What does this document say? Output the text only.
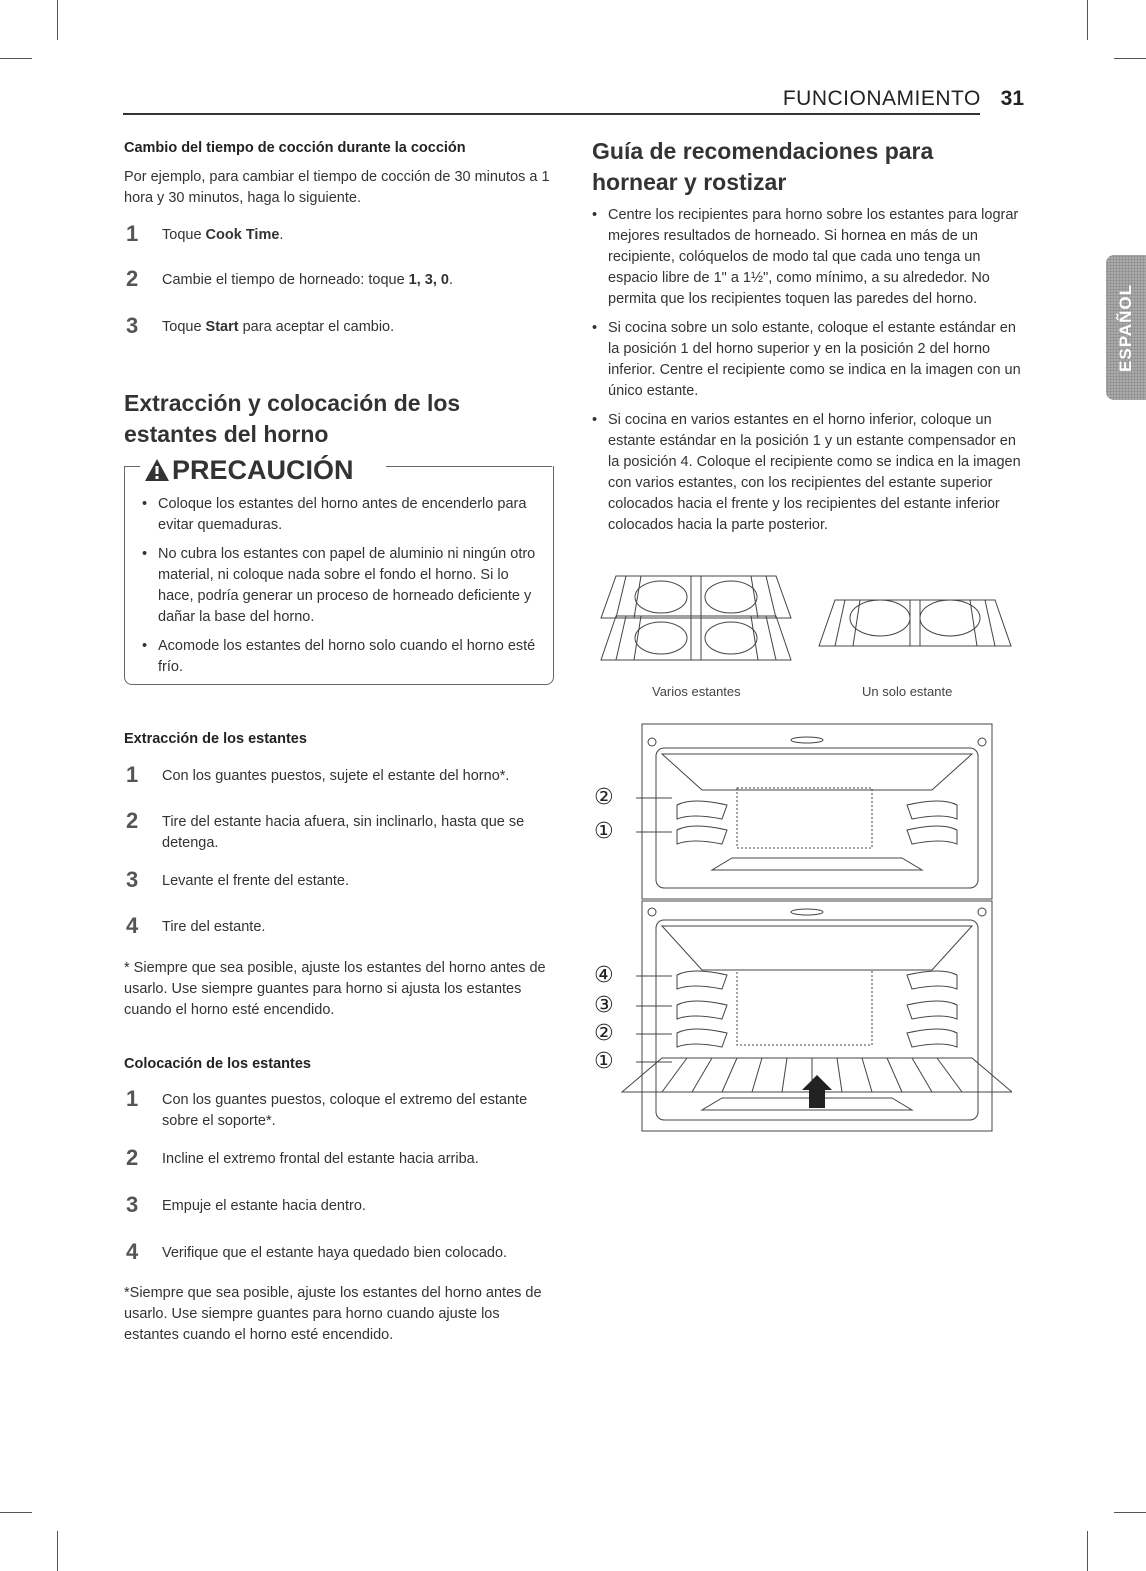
FUNCIONAMIENTO 31
ESPAÑOL
Cambio del tiempo de cocción durante la cocción

Por ejemplo, para cambiar el tiempo de cocción de 30 minutos a 1 hora y 30 minutos, haga lo siguiente.

1 Toque Cook Time.
2 Cambie el tiempo de horneado: toque 1, 3, 0.
3 Toque Start para aceptar el cambio.
Extracción y colocación de los
estantes del horno
PRECAUCIÓN
• Coloque los estantes del horno antes de encenderlo para evitar quemaduras.
• No cubra los estantes con papel de aluminio ni ningún otro material, ni coloque nada sobre el fondo el horno. Si lo hace, podría generar un proceso de horneado deficiente y dañar la base del horno.
• Acomode los estantes del horno solo cuando el horno esté frío.
Extracción de los estantes
1 Con los guantes puestos, sujete el estante del horno*.
2 Tire del estante hacia afuera, sin inclinarlo, hasta que se detenga.
3 Levante el frente del estante.
4 Tire del estante.

* Siempre que sea posible, ajuste los estantes del horno antes de usarlo. Use siempre guantes para horno si ajusta los estantes cuando el horno esté encendido.

Colocación de los estantes
1 Con los guantes puestos, coloque el extremo del estante sobre el soporte*.
2 Incline el extremo frontal del estante hacia arriba.
3 Empuje el estante hacia dentro.
4 Verifique que el estante haya quedado bien colocado.

*Siempre que sea posible, ajuste los estantes del horno antes de usarlo. Use siempre guantes para horno cuando ajuste los estantes cuando el horno esté encendido.

Guía de recomendaciones para
hornear y rostizar
• Centre los recipientes para horno sobre los estantes para lograr mejores resultados de horneado. Si hornea en más de un recipiente, colóquelos de modo tal que cada uno tenga un espacio libre de 1" a 1½", como mínimo, a su alrededor. No permita que los recipientes toquen las paredes del horno.
• Si cocina sobre un solo estante, coloque el estante estándar en la posición 1 del horno superior y en la posición 2 del horno inferior. Centre el recipiente como se indica en la imagen con un único estante.
• Si cocina en varios estantes en el horno inferior, coloque un estante estándar en la posición 1 y un estante compensador en la posición 4. Coloque el recipiente como se indica en la imagen con varios estantes, con los recipientes del estante superior colocados hacia el frente y los recipientes del estante inferior colocados hacia la parte posterior.
Varios estantes	Un solo estante
②
①
④
③
②
①
